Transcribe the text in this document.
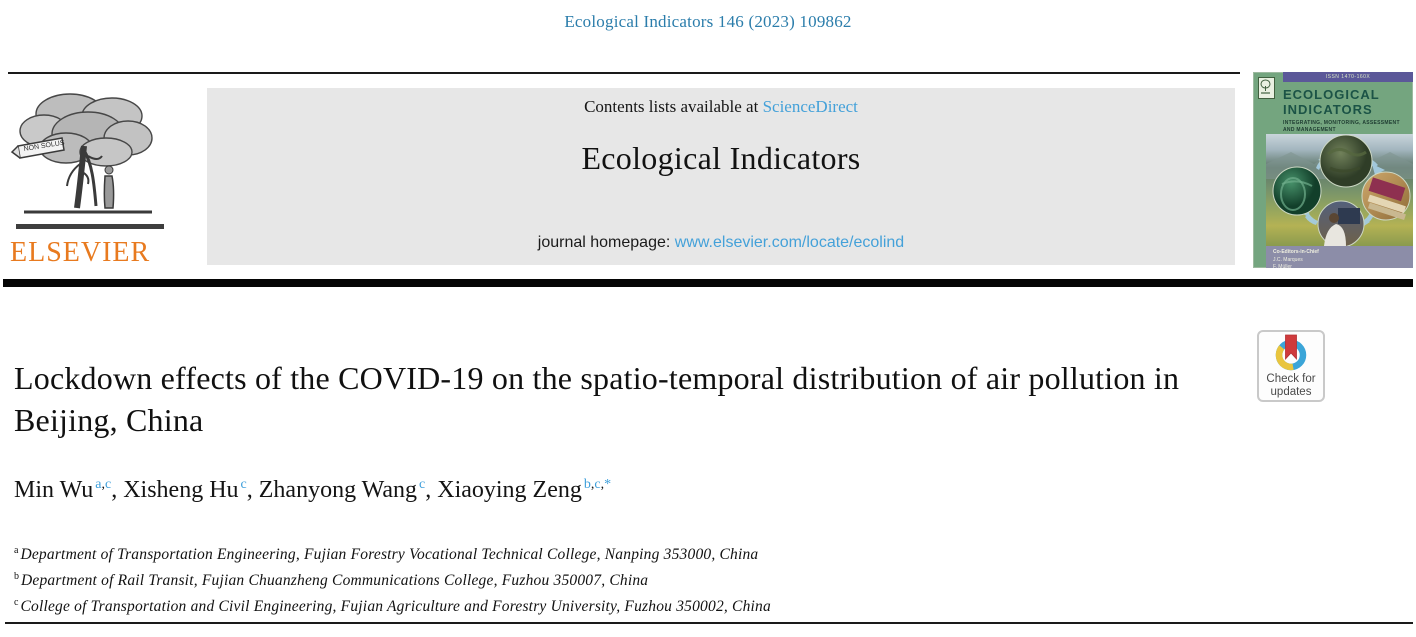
Ecological Indicators 146 (2023) 109862
NON SOLUS
ELSEVIER
Contents lists available at ScienceDirect
Ecological Indicators
journal homepage: www.elsevier.com/locate/ecolind
ISSN 1470-160X
ECOLOGICAL
INDICATORS
INTEGRATING, MONITORING, ASSESSMENT
AND MANAGEMENT
Co-Editors-in-Chief
J.C. Marques
F. Müller
Lockdown effects of the COVID-19 on the spatio-temporal distribution of air pollution in Beijing, China
Check for
updates
Min Wu $^{a,c}$, Xisheng Hu $^c$, Zhanyong Wang $^c$, Xiaoying Zeng $^{b,c,*}$
$^a$ Department of Transportation Engineering, Fujian Forestry Vocational Technical College, Nanping 353000, China
$^b$ Department of Rail Transit, Fujian Chuanzheng Communications College, Fuzhou 350007, China
$^c$ College of Transportation and Civil Engineering, Fujian Agriculture and Forestry University, Fuzhou 350002, China
